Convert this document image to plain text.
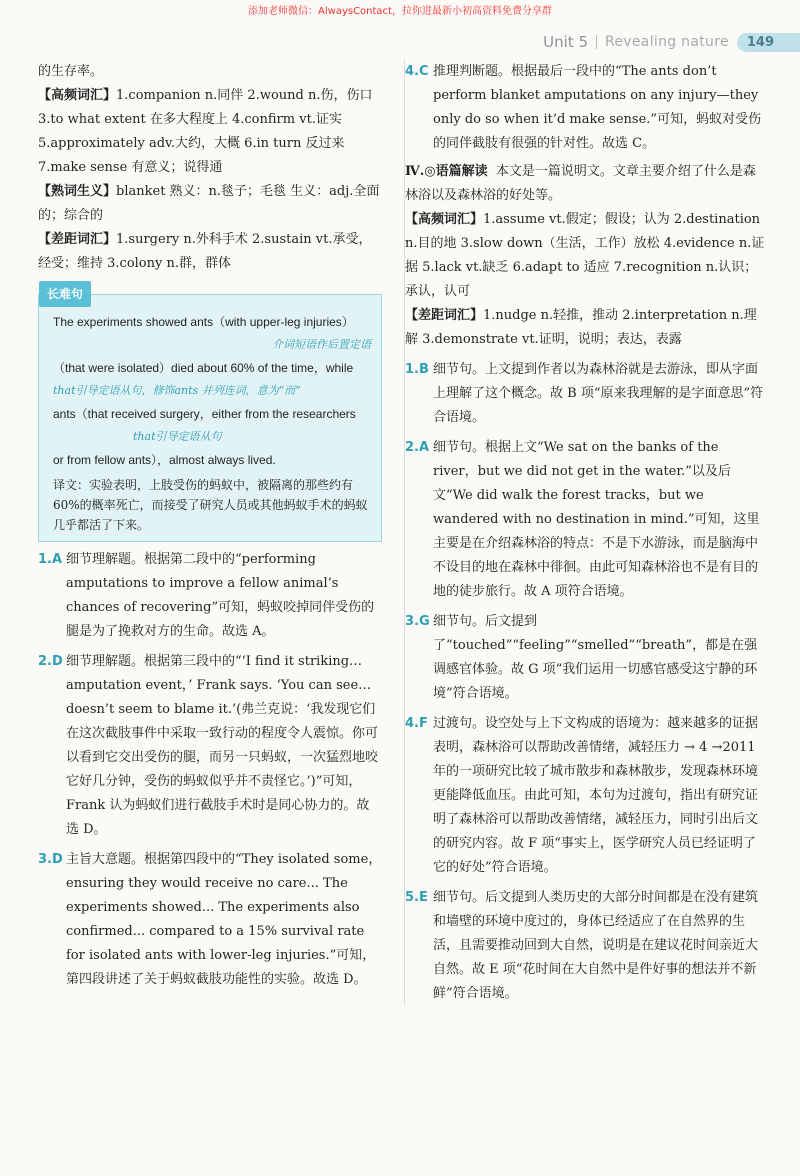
添加老师微信：AlwaysContact，拉你进最新小初高资料免费分享群
Unit 5 Revealing nature	149

的生存率。

【高频词汇】1.companion n.同伴 2.wound n.伤，伤口 3.to what extent 在多大程度上 4.confirm vt.证实 5.approximately adv.大约，大概 6.in turn 反过来 7.make sense 有意义；说得通

【熟词生义】blanket 熟义：n.毯子；毛毯 生义：adj.全面的；综合的

【差距词汇】1.surgery n.外科手术 2.sustain vt.承受，经受；维持 3.colony n.群，群体

长难句

The experiments showed ants（with upper-leg injuries）

介词短语作后置定语

（that were isolated）died about 60% of the time，while

that引导定语从句，修饰ants 并列连词，意为“而”

ants（that received surgery，either from the researchers

that引导定语从句

or from fellow ants），almost always lived.

译文：实验表明，上肢受伤的蚂蚁中，被隔离的那些约有60%的概率死亡，而接受了研究人员或其他蚂蚁手术的蚂蚁几乎都活了下来。

1.A 细节理解题。根据第二段中的“performing amputations to improve a fellow animal’s chances of recovering”可知，蚂蚁咬掉同伴受伤的腿是为了挽救对方的生命。故选 A。
2.D 细节理解题。根据第三段中的“‘I find it striking… amputation event，’ Frank says. ‘You can see…doesn’t seem to blame it.’(弗兰克说：‘我发现它们在这次截肢事件中采取一致行动的程度令人震惊。你可以看到它交出受伤的腿，而另一只蚂蚁，一次猛烈地咬它好几分钟，受伤的蚂蚁似乎并不责怪它。’)”可知，Frank 认为蚂蚁们进行截肢手术时是同心协力的。故选 D。
3.D 主旨大意题。根据第四段中的“They isolated some，ensuring they would receive no care... The experiments showed... The experiments also confirmed... compared to a 15% survival rate for isolated ants with lower-leg injuries.”可知，第四段讲述了关于蚂蚁截肢功能性的实验。故选 D。
4.C 推理判断题。根据最后一段中的“The ants don’t perform blanket amputations on any injury—they only do so when it’d make sense.”可知，蚂蚁对受伤的同伴截肢有很强的针对性。故选 C。

Ⅳ.◎语篇解读 本文是一篇说明文。文章主要介绍了什么是森林浴以及森林浴的好处等。

【高频词汇】1.assume vt.假定；假设；认为 2.destination n.目的地 3.slow down（生活，工作）放松 4.evidence n.证据 5.lack vt.缺乏 6.adapt to 适应 7.recognition n.认识；承认，认可

【差距词汇】1.nudge n.轻推，推动 2.interpretation n.理解 3.demonstrate vt.证明，说明；表达，表露

1.B 细节句。上文提到作者以为森林浴就是去游泳，即从字面上理解了这个概念。故 B 项“原来我理解的是字面意思”符合语境。
2.A 细节句。根据上文“We sat on the banks of the river，but we did not get in the water.”以及后文“We did walk the forest tracks，but we wandered with no destination in mind.”可知，这里主要是在介绍森林浴的特点：不是下水游泳，而是脑海中不设目的地在森林中徘徊。由此可知森林浴也不是有目的地的徒步旅行。故 A 项符合语境。
3.G 细节句。后文提到了“touched”“feeling”“smelled”“breath”，都是在强调感官体验。故 G 项“我们运用一切感官感受这宁静的环境”符合语境。
4.F 过渡句。设空处与上下文构成的语境为：越来越多的证据表明，森林浴可以帮助改善情绪，减轻压力 → 4 →2011 年的一项研究比较了城市散步和森林散步，发现森林环境更能降低血压。由此可知，本句为过渡句，指出有研究证明了森林浴可以帮助改善情绪，减轻压力，同时引出后文的研究内容。故 F 项“事实上，医学研究人员已经证明了它的好处”符合语境。
5.E 细节句。后文提到人类历史的大部分时间都是在没有建筑和墙壁的环境中度过的，身体已经适应了在自然界的生活，且需要推动回到大自然，说明是在建议花时间亲近大自然。故 E 项“花时间在大自然中是件好事的想法并不新鲜”符合语境。
